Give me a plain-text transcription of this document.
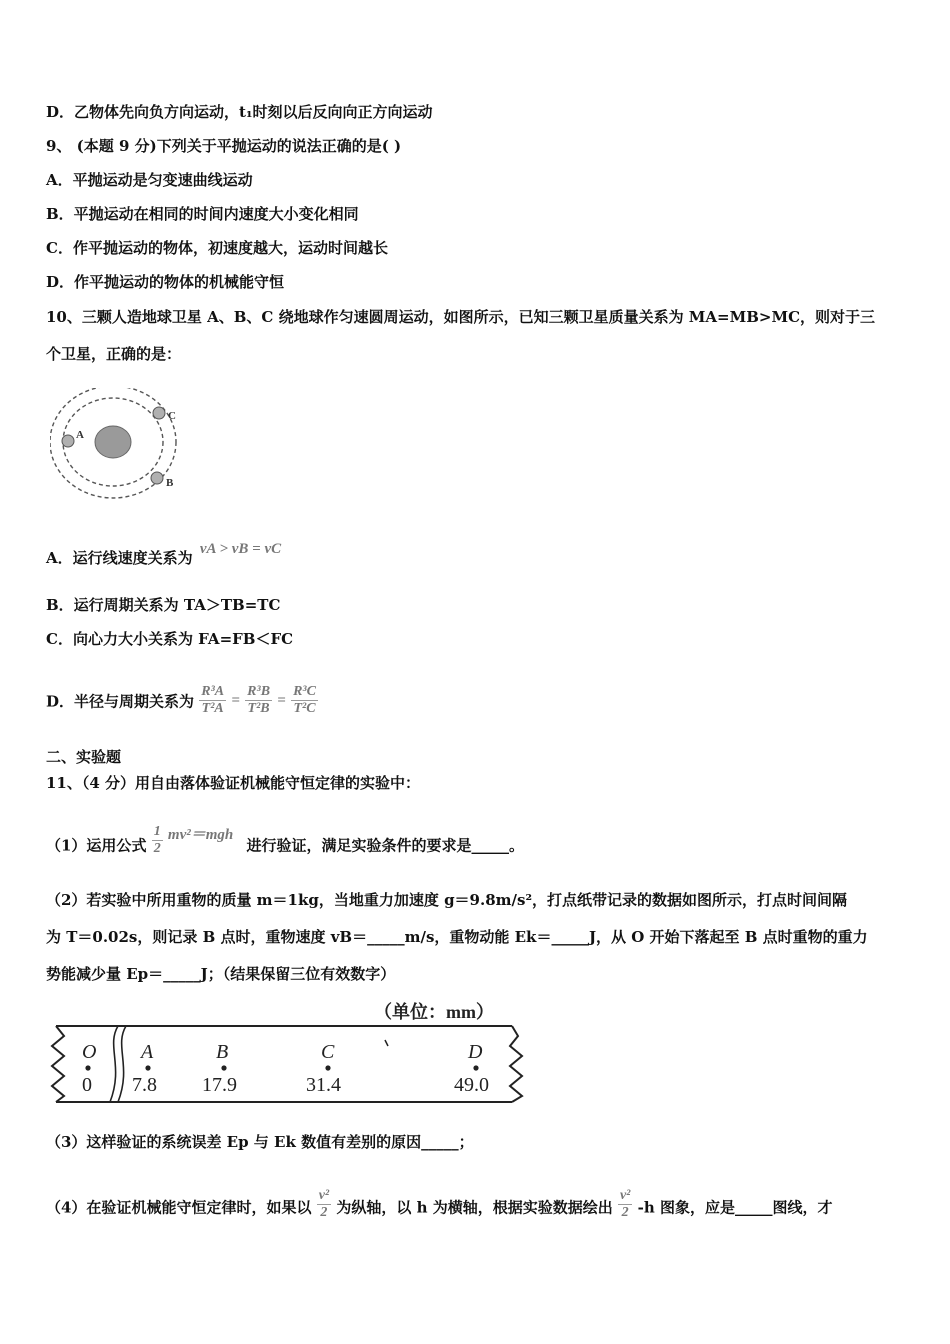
D．乙物体先向负方向运动，t₁时刻以后反向向正方向运动
9、 (本题 9 分)下列关于平抛运动的说法正确的是( )
A．平抛运动是匀变速曲线运动
B．平抛运动在相同的时间内速度大小变化相同
C．作平抛运动的物体，初速度越大，运动时间越长
D．作平抛运动的物体的机械能守恒
10、三颗人造地球卫星 A、B、C 绕地球作匀速圆周运动，如图所示，已知三颗卫星质量关系为 MA=MB>MC，则对于三
个卫星，正确的是：
A
C
B
A．运行线速度关系为 vA > vB = vC
B．运行周期关系为 TA＞TB=TC
C．向心力大小关系为 FA=FB＜FC
D．半径与周期关系为 $\frac{\text{R³A}}{\text{T²A}} = \frac{\text{R³B}}{\text{T²B}} = \frac{\text{R³C}}{\text{T²C}}$
二、实验题
11、（4 分）用自由落体验证机械能守恒定律的实验中：
（1）运用公式 $\frac{1}{2} mv^2=mgh$ 进行验证，满足实验条件的要求是_____。
（2）若实验中所用重物的质量 m＝1kg，当地重力加速度 g＝9.8m/s²，打点纸带记录的数据如图所示，打点时间间隔
为 T＝0.02s，则记录 B 点时，重物速度 vB＝_____m/s，重物动能 Ek＝_____J，从 O 开始下落起至 B 点时重物的重力
势能减少量 Ep＝_____J；（结果保留三位有效数字）
（单位：mm）
O
0
A
7.8
B
17.9
C
31.4
D
49.0
（3）这样验证的系统误差 Ep 与 Ek 数值有差别的原因_____；
（4）在验证机械能守恒定律时，如果以 $\frac{\text{v²}}{2}$ 为纵轴，以 h 为横轴，根据实验数据绘出 $\frac{\text{v²}}{2} -h$ 图象，应是_____图线，才
